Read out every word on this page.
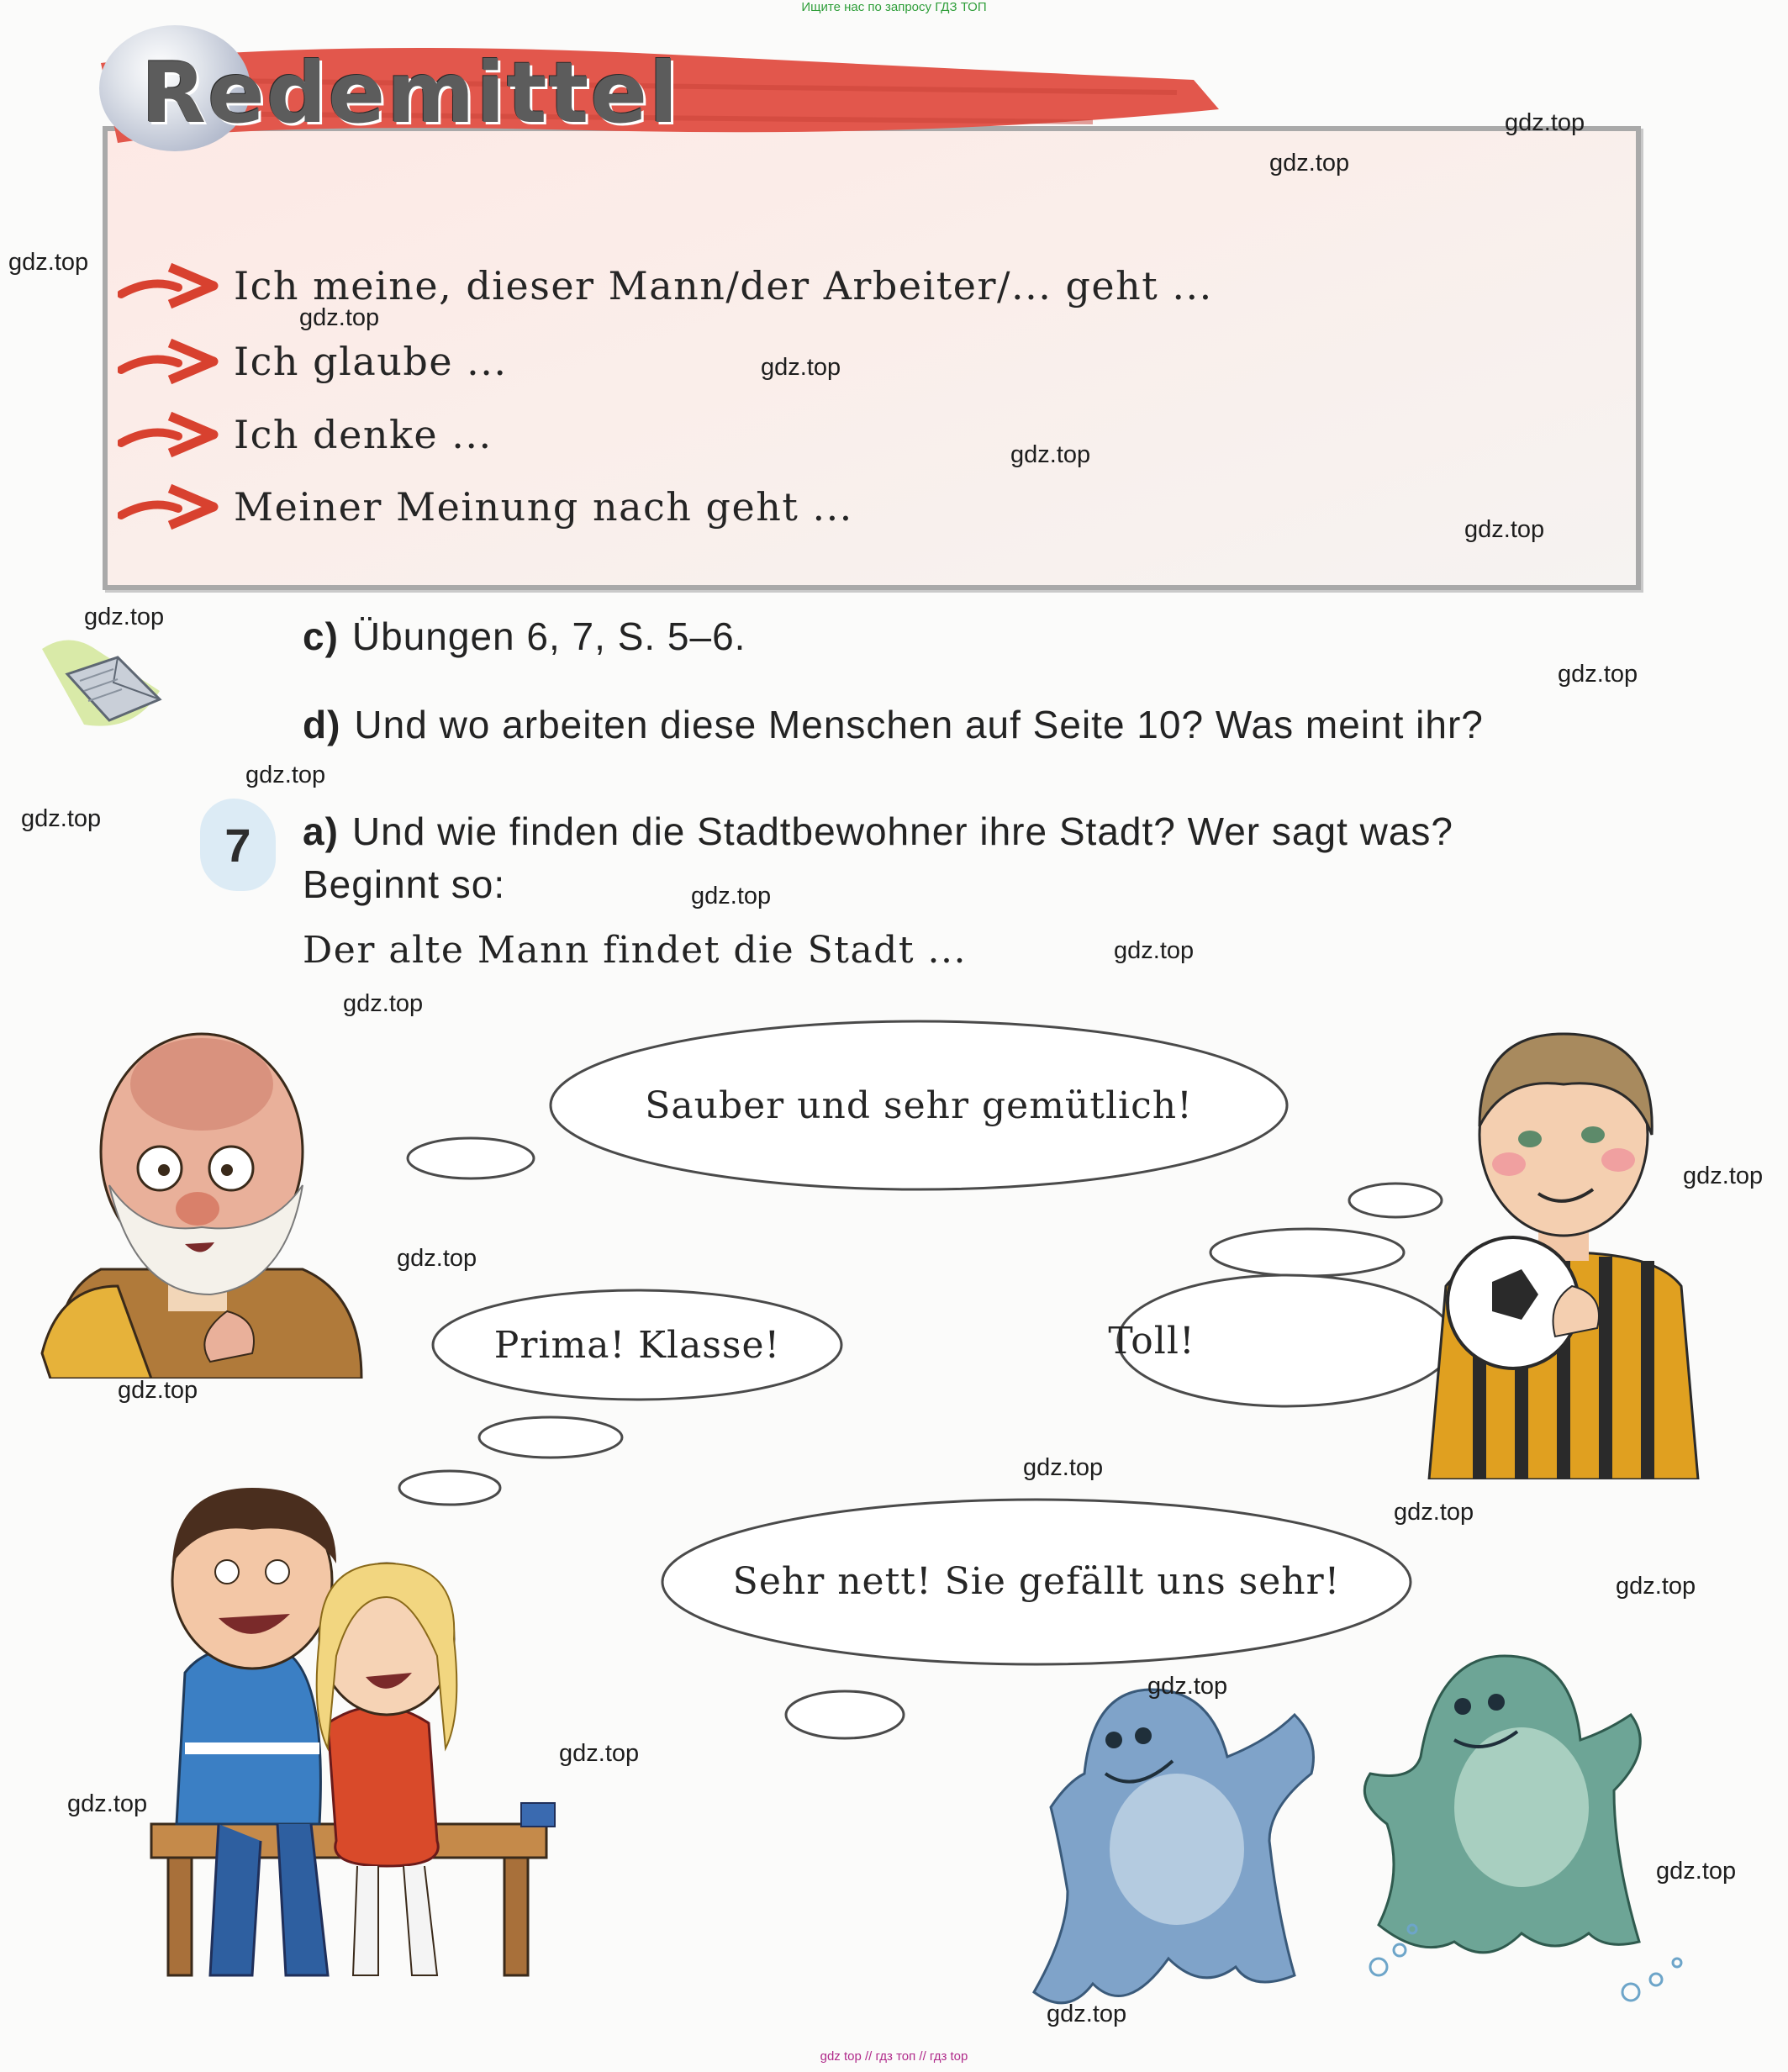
Ищите нас по запросу ГДЗ ТОП
Redemittel
Ich meine, dieser Mann/der Arbeiter/... geht ...
Ich glaube ...
Ich denke ...
Meiner Meinung nach geht ...
c) Übungen 6, 7, S. 5–6.
d) Und wo arbeiten diese Menschen auf Seite 10? Was meint ihr?
7 a) Und wie finden die Stadtbewohner ihre Stadt? Wer sagt was?
Beginnt so:
Der alte Mann findet die Stadt ...
Sauber und sehr gemütlich!
Prima! Klasse!	Toll!
Sehr nett! Sie gefällt uns sehr!
gdz.top
gdz.top
gdz.top
gdz.top
gdz.top
gdz.top
gdz.top
gdz.top
gdz.top
gdz.top
gdz.top
gdz.top
gdz.top
gdz.top
gdz.top
gdz.top
gdz.top
gdz.top
gdz.top
gdz.top
gdz.top
gdz.top
gdz.top
gdz.top
gdz.top
gdz top // гдз топ // гдз top
